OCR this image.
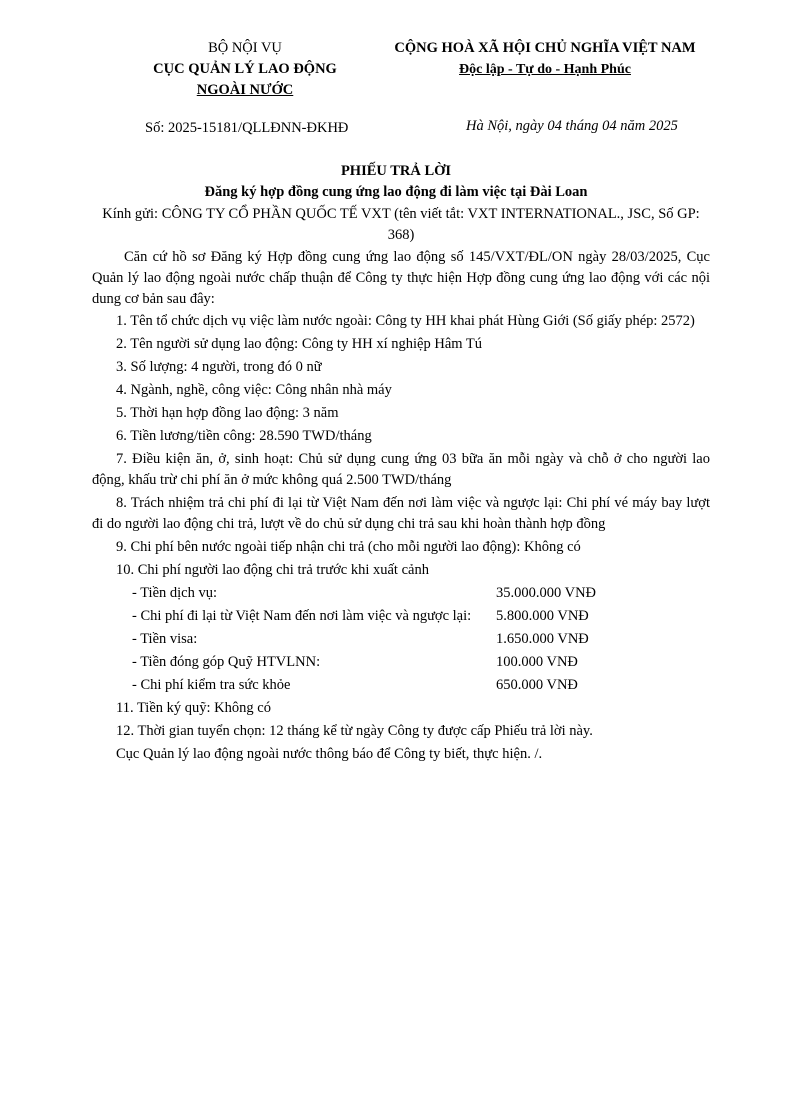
BỘ NỘI VỤ
CỤC QUẢN LÝ LAO ĐỘNG
NGOÀI NƯỚC
CỘNG HOÀ XÃ HỘI CHỦ NGHĨA VIỆT NAM
Độc lập - Tự do - Hạnh Phúc
Số: 2025-15181/QLLĐNN-ĐKHĐ	Hà Nội, ngày 04 tháng 04 năm 2025
PHIẾU TRẢ LỜI
Đăng ký hợp đồng cung ứng lao động đi làm việc tại Đài Loan
Kính gửi: CÔNG TY CỔ PHẦN QUỐC TẾ VXT (tên viết tắt: VXT INTERNATIONAL., JSC, Số GP: 368)
Căn cứ hồ sơ Đăng ký Hợp đồng cung ứng lao động số 145/VXT/ĐL/ON ngày 28/03/2025, Cục Quản lý lao động ngoài nước chấp thuận để Công ty thực hiện Hợp đồng cung ứng lao động với các nội dung cơ bản sau đây:
1. Tên tổ chức dịch vụ việc làm nước ngoài: Công ty HH khai phát Hùng Giới (Số giấy phép: 2572)
2. Tên người sử dụng lao động: Công ty HH xí nghiệp Hâm Tú
3. Số lượng: 4 người, trong đó 0 nữ
4. Ngành, nghề, công việc: Công nhân nhà máy
5. Thời hạn hợp đồng lao động: 3 năm
6. Tiền lương/tiền công: 28.590 TWD/tháng
7. Điều kiện ăn, ở, sinh hoạt: Chủ sử dụng cung ứng 03 bữa ăn mỗi ngày và chỗ ở cho người lao động, khấu trừ chi phí ăn ở mức không quá 2.500 TWD/tháng
8. Trách nhiệm trả chi phí đi lại từ Việt Nam đến nơi làm việc và ngược lại: Chi phí vé máy bay lượt đi do người lao động chi trả, lượt về do chủ sử dụng chi trả sau khi hoàn thành hợp đồng
9. Chi phí bên nước ngoài tiếp nhận chi trả (cho mỗi người lao động): Không có
10. Chi phí người lao động chi trả trước khi xuất cảnh
- Tiền dịch vụ:	35.000.000 VNĐ
- Chi phí đi lại từ Việt Nam đến nơi làm việc và ngược lại: 5.800.000 VNĐ
- Tiền visa:	1.650.000 VNĐ
- Tiền đóng góp Quỹ HTVLNN:	100.000 VNĐ
- Chi phí kiểm tra sức khỏe	650.000 VNĐ
11. Tiền ký quỹ: Không có
12. Thời gian tuyển chọn: 12 tháng kể từ ngày Công ty được cấp Phiếu trả lời này.
Cục Quản lý lao động ngoài nước thông báo để Công ty biết, thực hiện. /.
